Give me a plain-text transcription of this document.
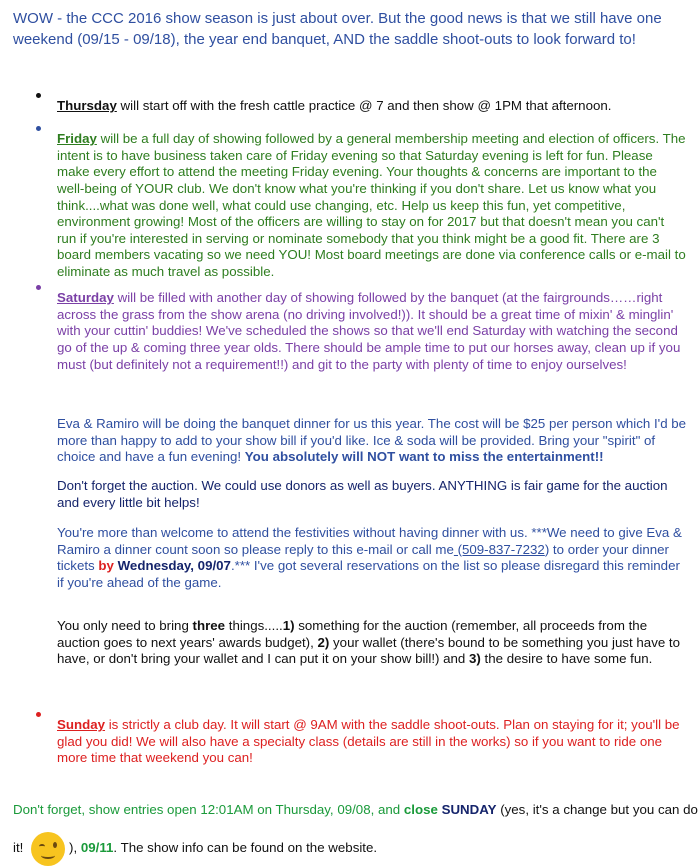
WOW - the CCC 2016 show season is just about over. But the good news is that we still have one weekend (09/15 - 09/18), the year end banquet, AND the saddle shoot-outs to look forward to!

Thursday will start off with the fresh cattle practice @ 7 and then show @ 1PM that afternoon.

Friday will be a full day of showing followed by a general membership meeting and election of officers. The intent is to have business taken care of Friday evening so that Saturday evening is left for fun. Please make every effort to attend the meeting Friday evening. Your thoughts & concerns are important to the well-being of YOUR club. We don't know what you're thinking if you don't share. Let us know what you think....what was done well, what could use changing, etc. Help us keep this fun, yet competitive, environment growing! Most of the officers are willing to stay on for 2017 but that doesn't mean you can't run if you're interested in serving or nominate somebody that you think might be a good fit. There are 3 board members vacating so we need YOU! Most board meetings are done via conference calls or e-mail to eliminate as much travel as possible.

Saturday will be filled with another day of showing followed by the banquet (at the fairgrounds……right across the grass from the show arena (no driving involved!)). It should be a great time of mixin' & minglin' with your cuttin' buddies! We've scheduled the shows so that we'll end Saturday with watching the second go of the up & coming three year olds. There should be ample time to put our horses away, clean up if you must (but definitely not a requirement!!) and git to the party with plenty of time to enjoy ourselves!

Eva & Ramiro will be doing the banquet dinner for us this year. The cost will be $25 per person which I'd be more than happy to add to your show bill if you'd like. Ice & soda will be provided. Bring your "spirit" of choice and have a fun evening! You absolutely will NOT want to miss the entertainment!!

Don't forget the auction. We could use donors as well as buyers. ANYTHING is fair game for the auction and every little bit helps!

You're more than welcome to attend the festivities without having dinner with us. ***We need to give Eva & Ramiro a dinner count soon so please reply to this e-mail or call me (509-837-7232) to order your dinner tickets by Wednesday, 09/07.*** I've got several reservations on the list so please disregard this reminder if you're ahead of the game.

You only need to bring three things.....1) something for the auction (remember, all proceeds from the auction goes to next years' awards budget), 2) your wallet (there's bound to be something you just have to have, or don't bring your wallet and I can put it on your show bill!) and 3) the desire to have some fun.

Sunday is strictly a club day. It will start @ 9AM with the saddle shoot-outs. Plan on staying for it; you'll be glad you did! We will also have a specialty class (details are still in the works) so if you want to ride one more time that weekend you can!

Don't forget, show entries open 12:01AM on Thursday, 09/08, and close SUNDAY (yes, it's a change but you can do it!	), 09/11. The show info can be found on the website.
